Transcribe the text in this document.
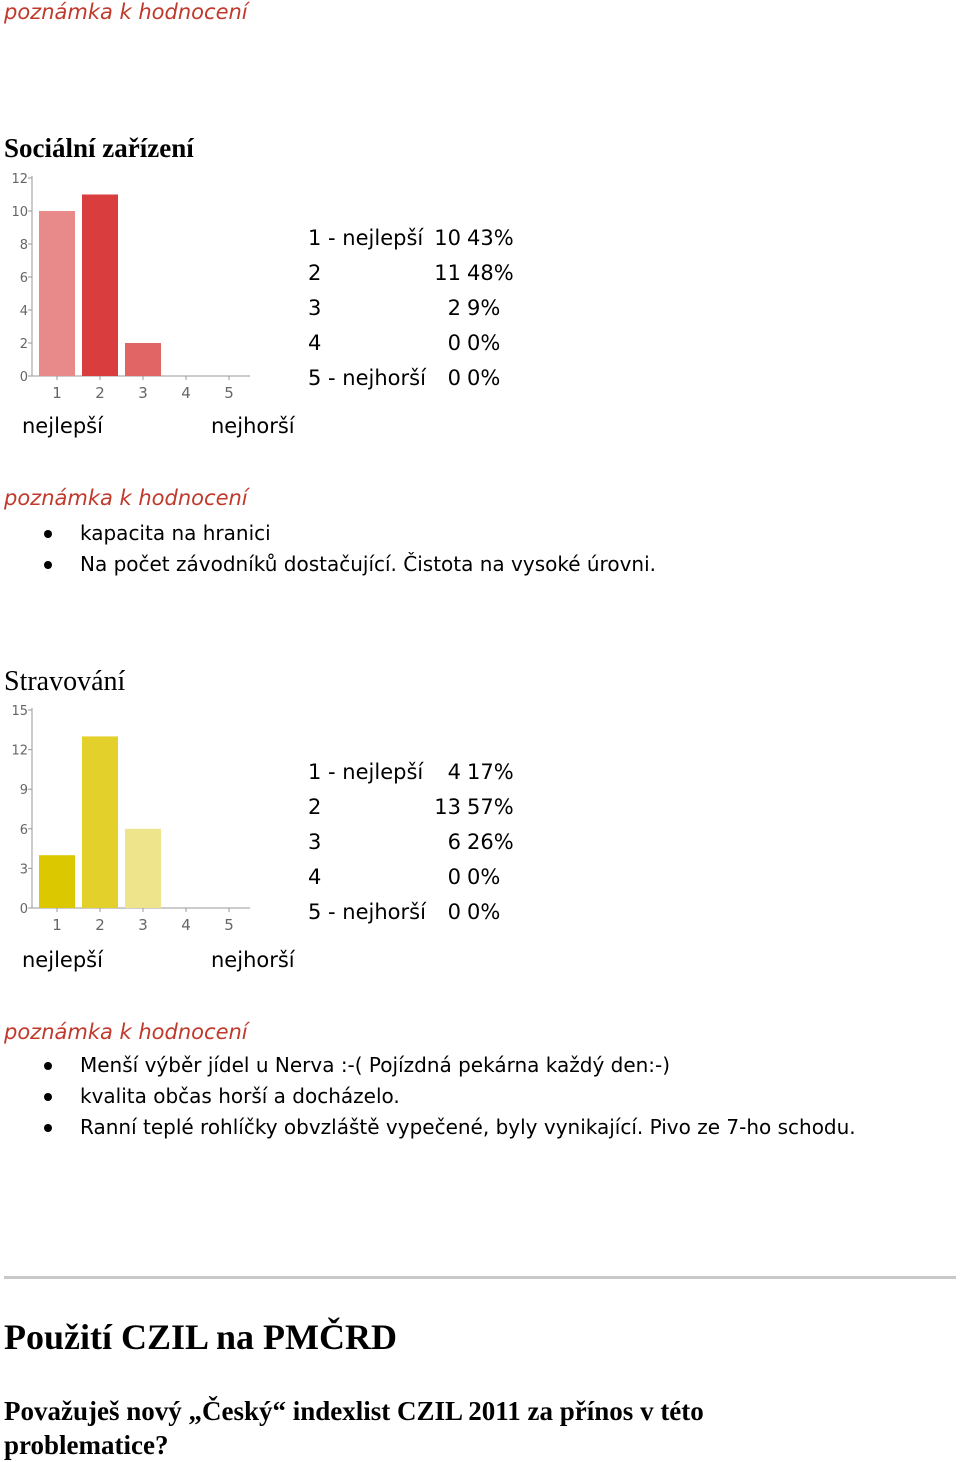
poznámka k hodnocení
Sociální zařízení
0
2
4
6
8
10
12
1 2 3 4 5
1 - nejlepší	10	43%
2	11	48%
3	2	9%
4	0	0%
5 - nejhorší	0	0%
nejlepší	nejhorší
poznámka k hodnocení
kapacita na hranici
Na počet závodníků dostačující. Čistota na vysoké úrovni.
Stravování
0
3
6
9
12
15
1 2 3 4 5
1 - nejlepší	4	17%
2	13	57%
3	6	26%
4	0	0%
5 - nejhorší	0	0%
nejlepší	nejhorší
poznámka k hodnocení
Menší výběr jídel u Nerva :-( Pojízdná pekárna každý den:-)
kvalita občas horší a docházelo.
Ranní teplé rohlíčky obvzláště vypečené, byly vynikající. Pivo ze 7-ho schodu.
Použití CZIL na PMČRD
Považuješ nový „Český“ indexlist CZIL 2011 za přínos v této problematice?
